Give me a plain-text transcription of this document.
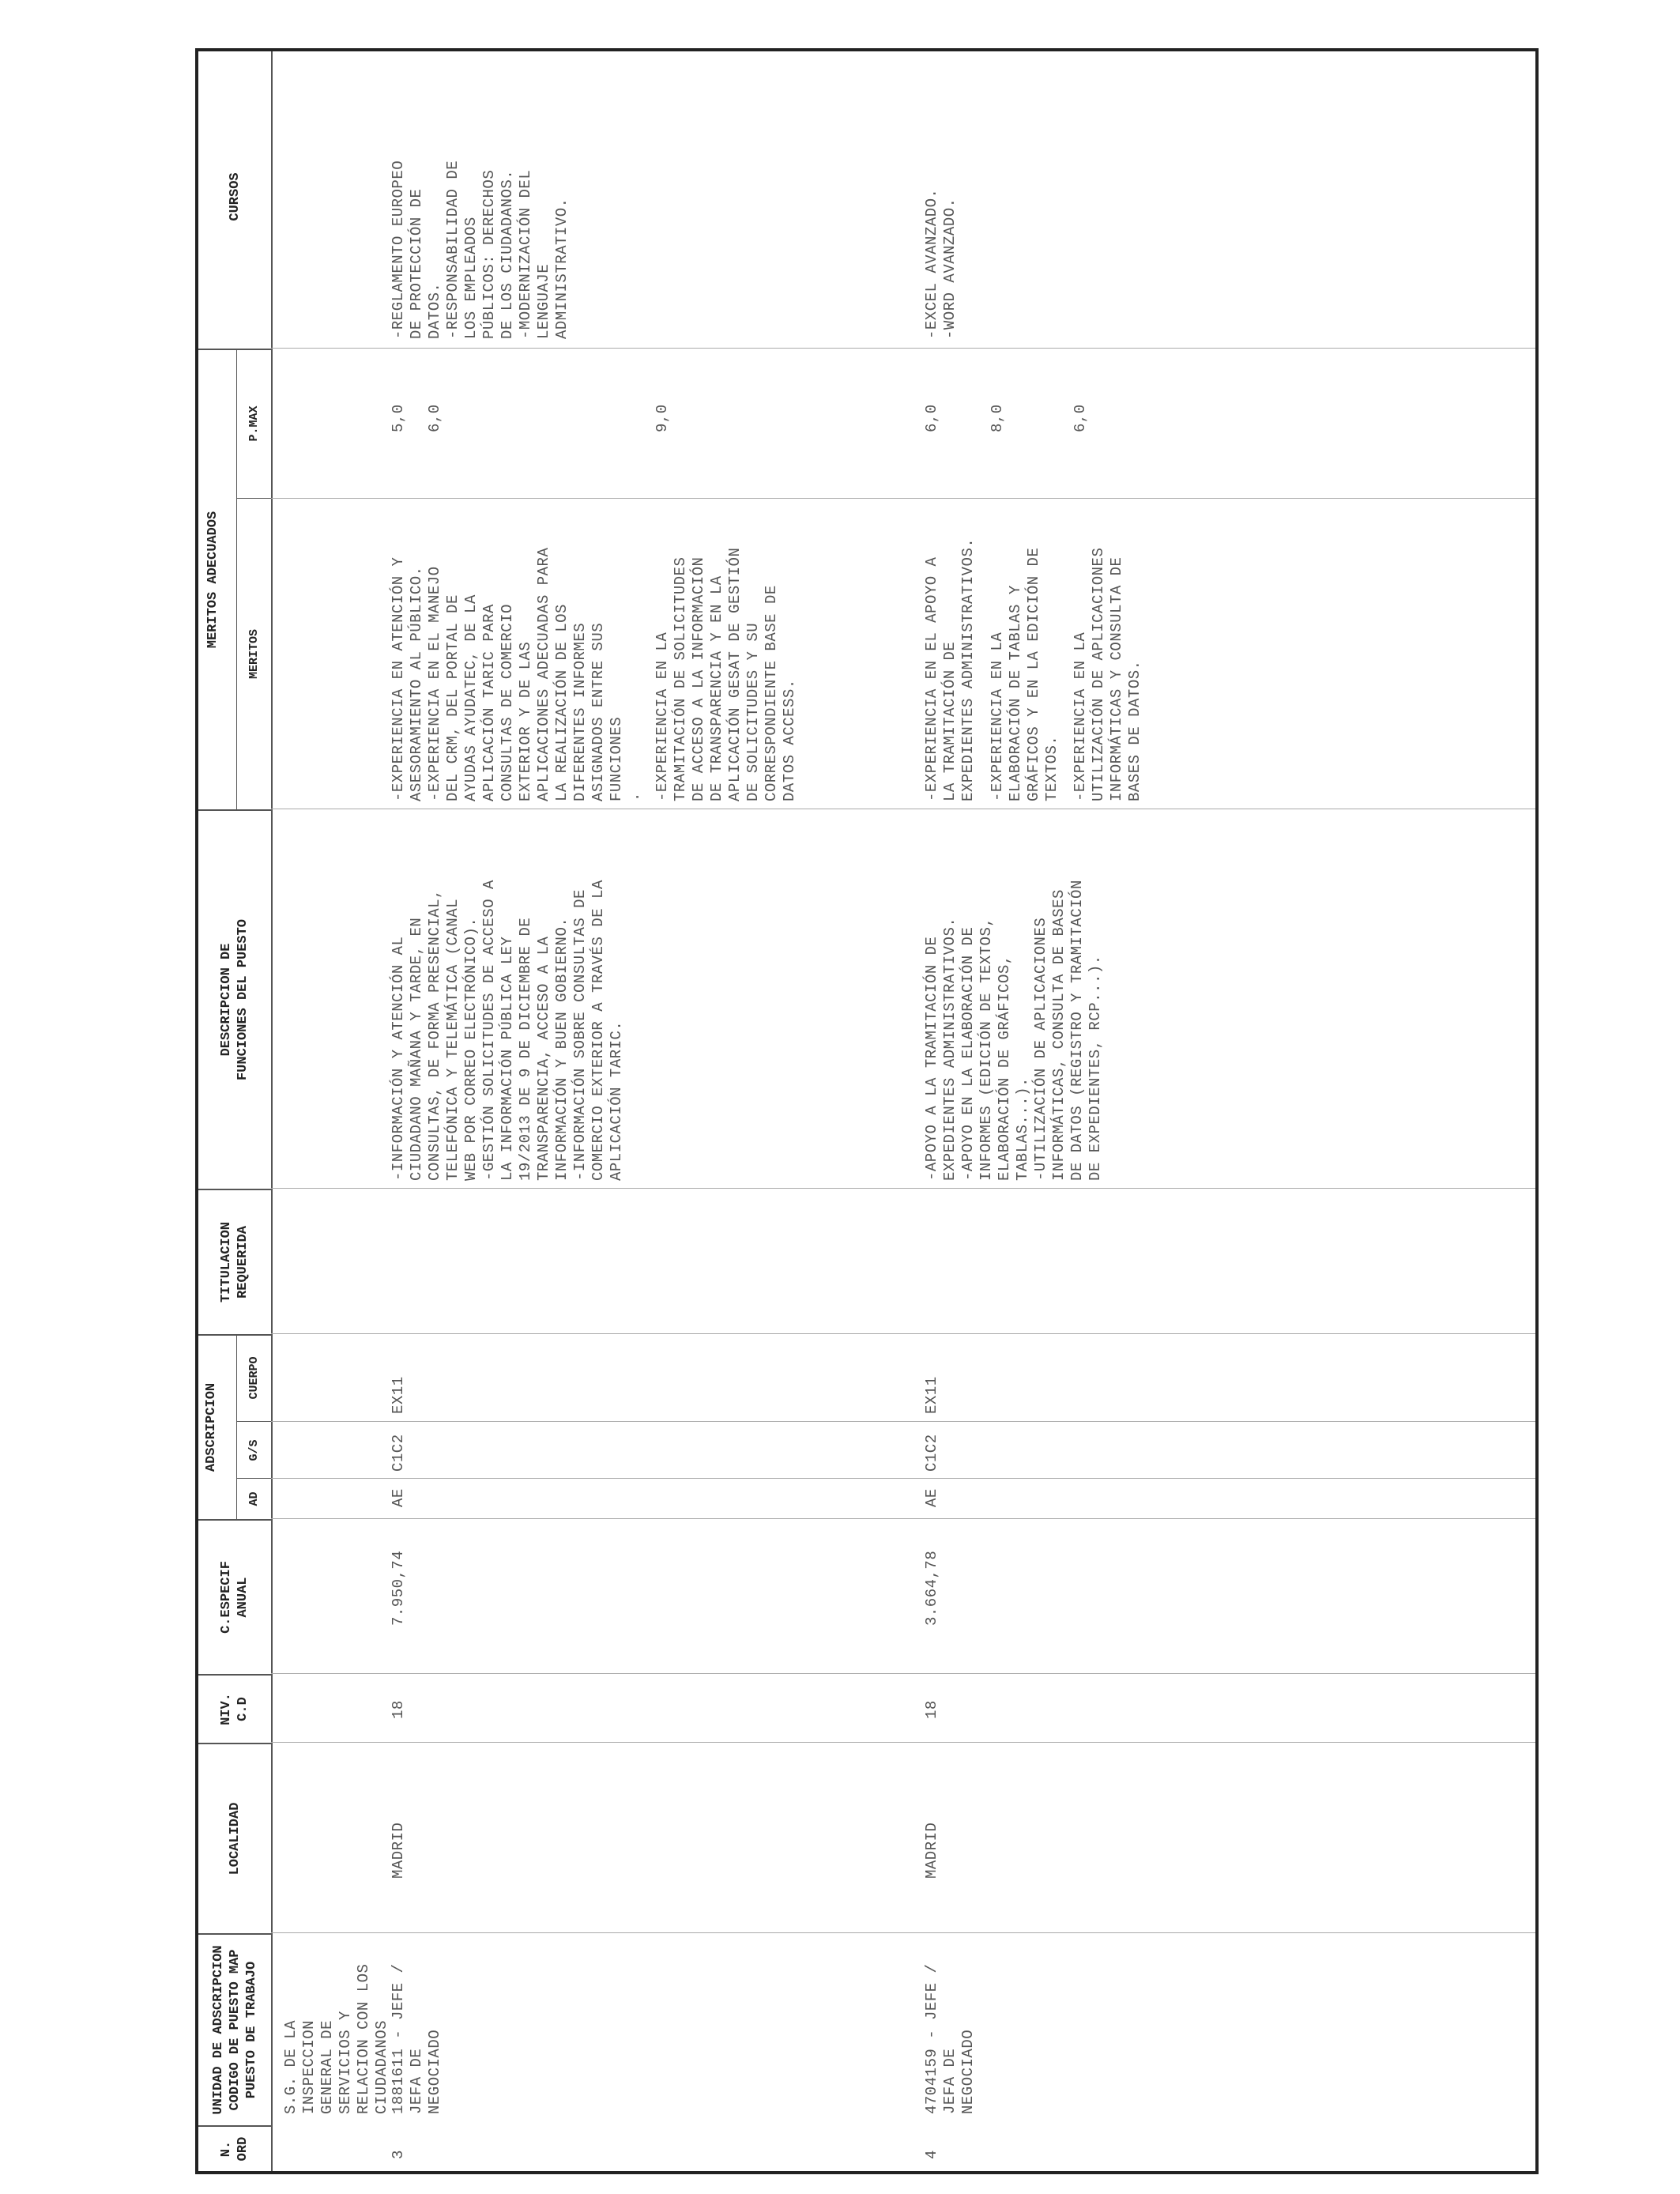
N.
ORD
UNIDAD DE ADSCRIPCION
CODIGO DE PUESTO MAP
PUESTO DE TRABAJO
LOCALIDAD
NIV.
C.D
C.ESPECIF
ANUAL

ADSCRIPCION

AD

G/S

CUERPO

TITULACION
REQUERIDA
DESCRIPCION DE
FUNCIONES DEL PUESTO

MERITOS ADECUADOS

MERITOS

P.MAX

CURSOS
S.G. DE LA INSPECCION
GENERAL DE SERVICIOS Y
RELACION CON LOS
CIUDADANOS
3
1881611 - JEFE / JEFA DE
NEGOCIADO
MADRID
18
7.950,74
AE
C1C2
EX11
-INFORMACIÓN Y ATENCIÓN AL
CIUDADANO MAÑANA Y TARDE, EN
CONSULTAS, DE FORMA PRESENCIAL,
TELEFÓNICA Y TELEMÁTICA (CANAL
WEB POR CORREO ELECTRÓNICO).
-GESTIÓN SOLICITUDES DE ACCESO A
LA INFORMACIÓN PÚBLICA LEY
19/2013 DE 9 DE DICIEMBRE DE
TRANSPARENCIA, ACCESO A LA
INFORMACIÓN Y BUEN GOBIERNO.
-INFORMACIÓN SOBRE CONSULTAS DE
COMERCIO EXTERIOR A TRAVÉS DE LA
APLICACIÓN TARIC.
-EXPERIENCIA EN ATENCIÓN Y
ASESORAMIENTO AL PÚBLICO.
5,0
-EXPERIENCIA EN EL MANEJO
DEL CRM, DEL PORTAL DE
AYUDAS AYUDATEC, DE LA
APLICACIÓN TARIC PARA
CONSULTAS DE COMERCIO
EXTERIOR Y DE LAS
APLICACIONES ADECUADAS PARA
LA REALIZACIÓN DE LOS
DIFERENTES INFORMES
ASIGNADOS ENTRE SUS
FUNCIONES
.
6,0
-EXPERIENCIA EN LA
TRAMITACIÓN DE SOLICITUDES
DE ACCESO A LA INFORMACIÓN
DE TRANSPARENCIA Y EN LA
APLICACIÓN GESAT DE GESTIÓN
DE SOLICITUDES Y SU
CORRESPONDIENTE BASE DE
DATOS ACCESS.
9,0
-REGLAMENTO EUROPEO
DE PROTECCIÓN DE
DATOS.
-RESPONSABILIDAD DE
LOS EMPLEADOS
PÚBLICOS: DERECHOS
DE LOS CIUDADANOS.
-MODERNIZACIÓN DEL
LENGUAJE
ADMINISTRATIVO.
4
4704159 - JEFE / JEFA DE
NEGOCIADO
MADRID
18
3.664,78
AE
C1C2
EX11
-APOYO A LA TRAMITACIÓN DE
EXPEDIENTES ADMINISTRATIVOS.
-APOYO EN LA ELABORACIÓN DE
INFORMES (EDICIÓN DE TEXTOS,
ELABORACIÓN DE GRÁFICOS,
TABLAS...).
-UTILIZACIÓN DE APLICACIONES
INFORMÁTICAS, CONSULTA DE BASES
DE DATOS (REGISTRO Y TRAMITACIÓN
DE EXPEDIENTES, RCP...).
-EXPERIENCIA EN EL APOYO A
LA TRAMITACIÓN DE
EXPEDIENTES ADMINISTRATIVOS.
6,0
-EXPERIENCIA EN LA
ELABORACIÓN DE TABLAS Y
GRÁFICOS Y EN LA EDICIÓN DE
TEXTOS.
8,0
-EXPERIENCIA EN LA
UTILIZACIÓN DE APLICACIONES
INFORMÁTICAS Y CONSULTA DE
BASES DE DATOS.
6,0
-EXCEL AVANZADO.
-WORD AVANZADO.
